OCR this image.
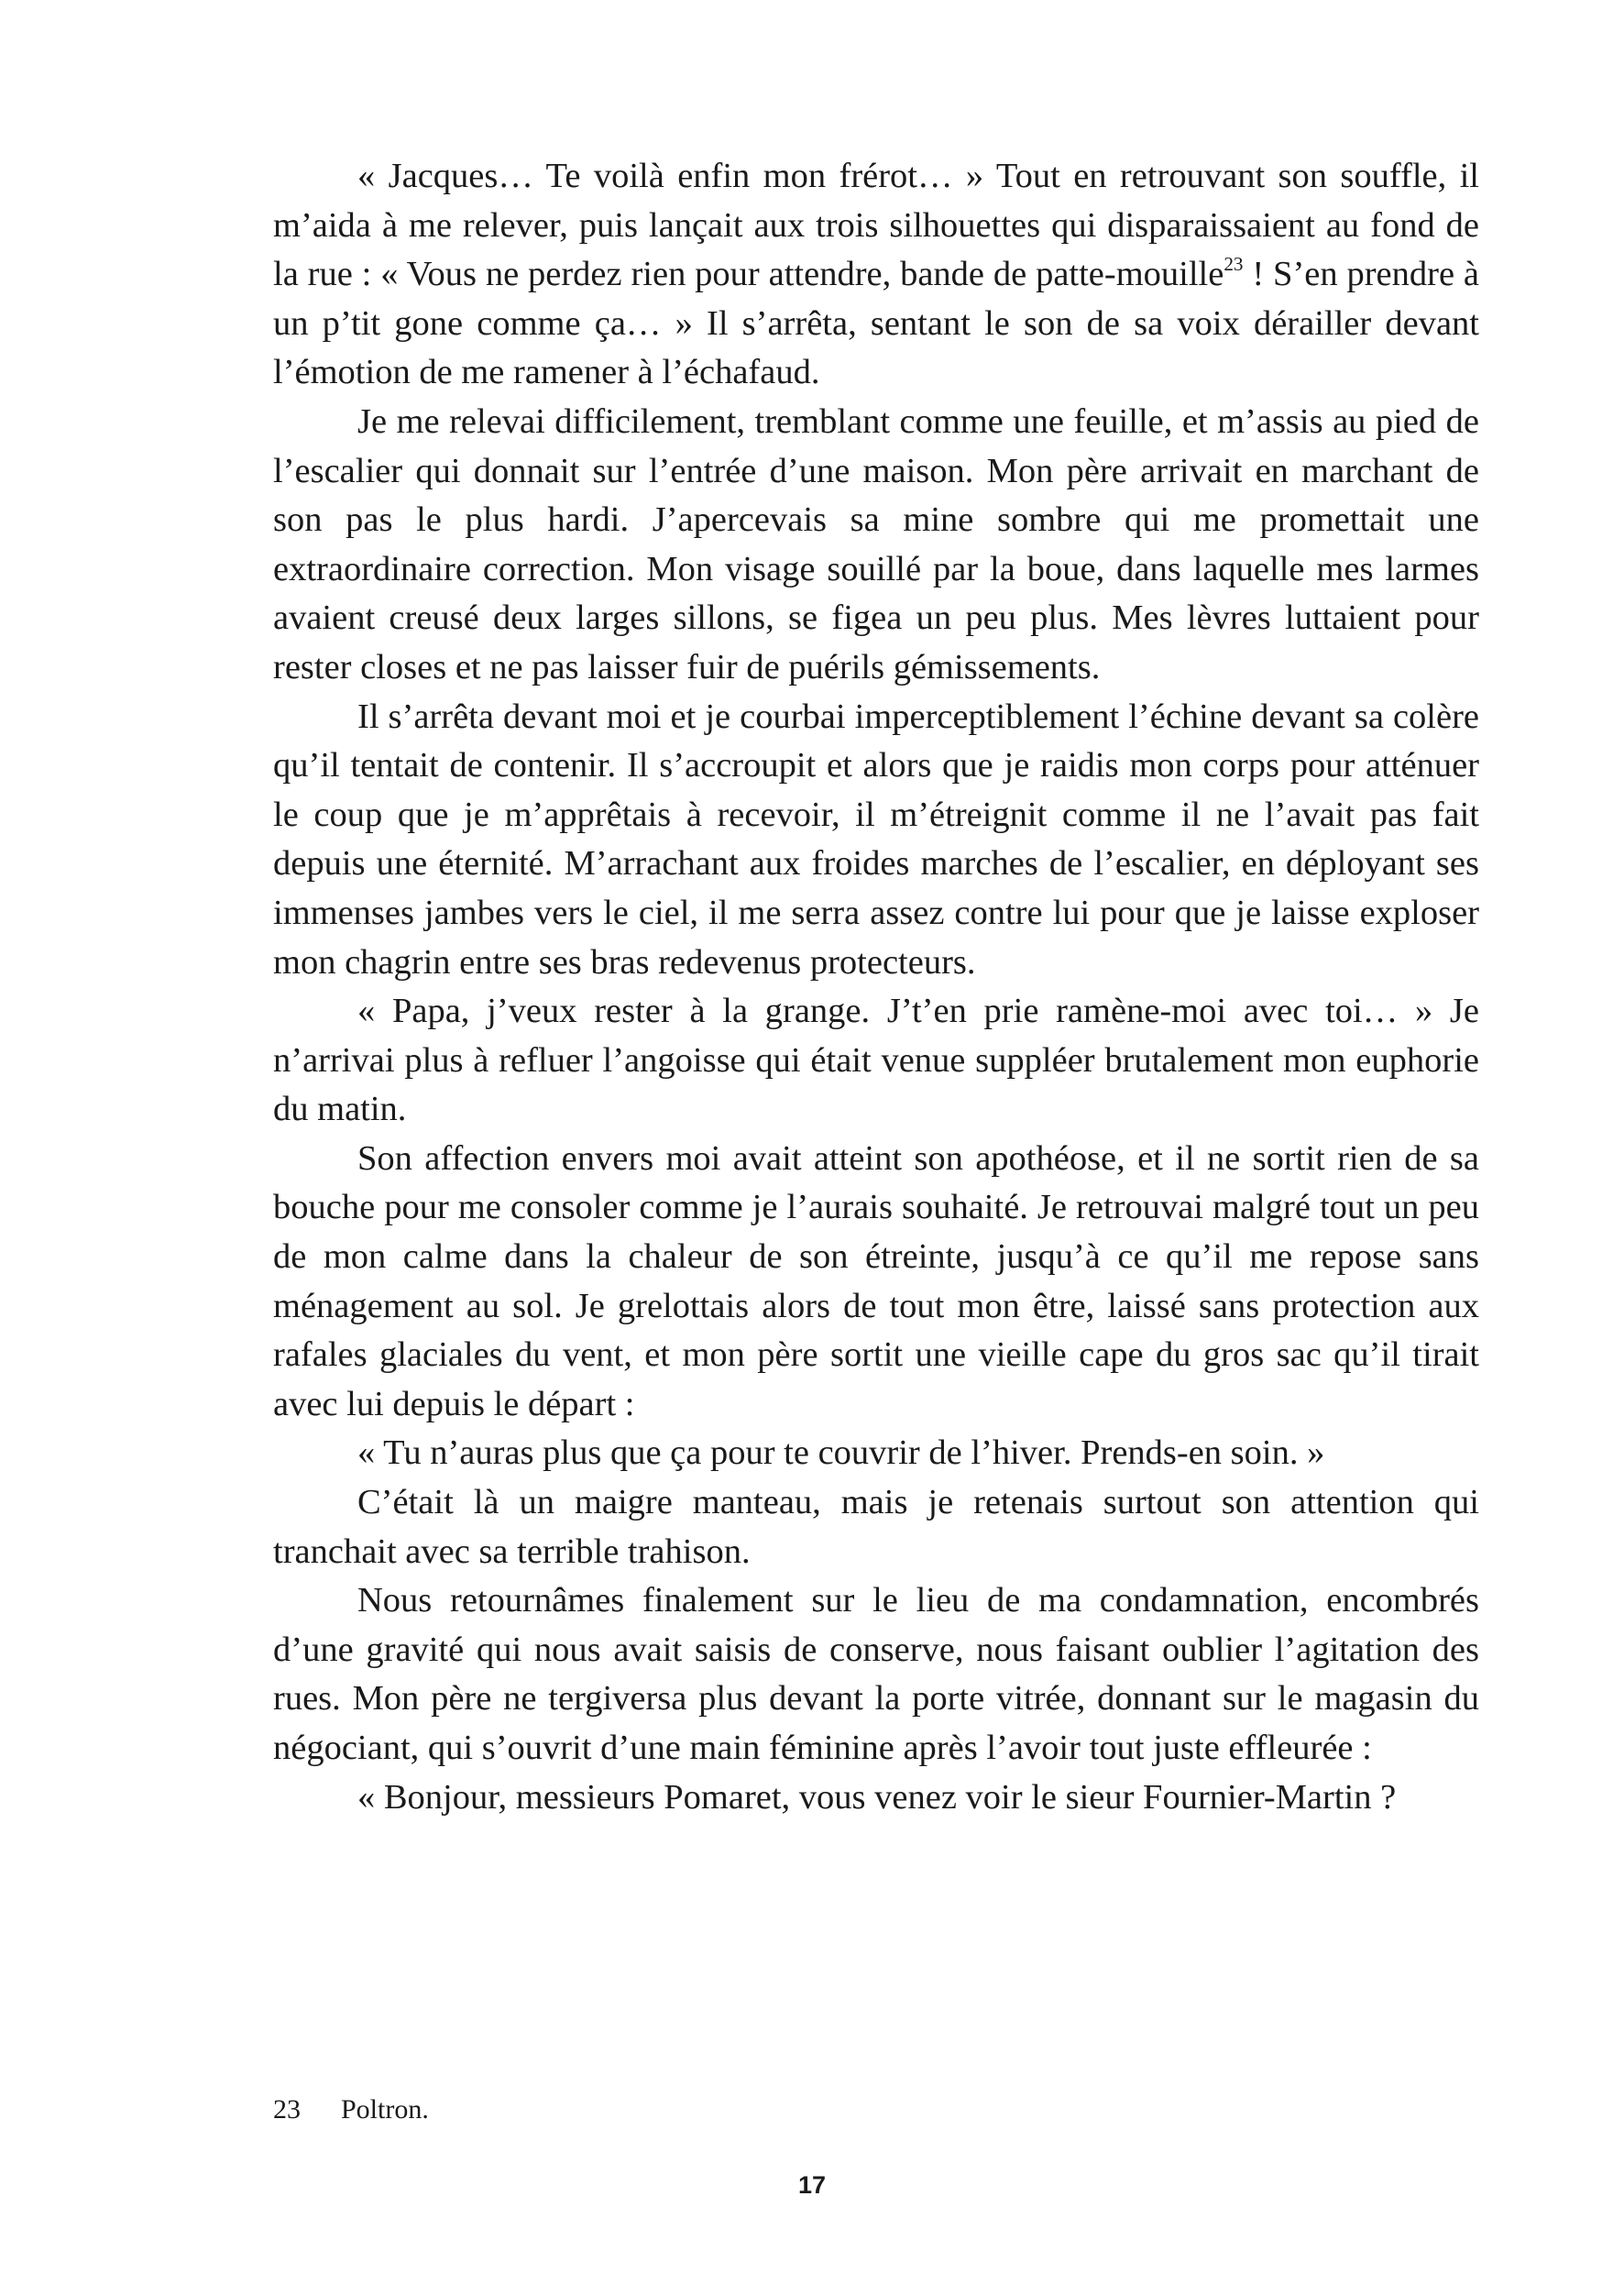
« Jacques… Te voilà enfin mon frérot… » Tout en retrouvant son souffle, il m’aida à me relever, puis lançait aux trois silhouettes qui disparaissaient au fond de la rue : « Vous ne perdez rien pour attendre, bande de patte-mouille$^{23}$ ! S’en prendre à un p’tit gone comme ça… » Il s’arrêta, sentant le son de sa voix dérailler devant l’émotion de me ramener à l’échafaud.

Je me relevai difficilement, tremblant comme une feuille, et m’assis au pied de l’escalier qui donnait sur l’entrée d’une maison. Mon père arrivait en marchant de son pas le plus hardi. J’apercevais sa mine sombre qui me promettait une extraordinaire correction. Mon visage souillé par la boue, dans laquelle mes larmes avaient creusé deux larges sillons, se figea un peu plus. Mes lèvres luttaient pour rester closes et ne pas laisser fuir de puérils gémissements.

Il s’arrêta devant moi et je courbai imperceptiblement l’échine devant sa colère qu’il tentait de contenir. Il s’accroupit et alors que je raidis mon corps pour atténuer le coup que je m’apprêtais à recevoir, il m’étreignit comme il ne l’avait pas fait depuis une éternité. M’arrachant aux froides marches de l’escalier, en déployant ses immenses jambes vers le ciel, il me serra assez contre lui pour que je laisse exploser mon chagrin entre ses bras redevenus protecteurs.

« Papa, j’veux rester à la grange. J’t’en prie ramène-moi avec toi… » Je n’arrivai plus à refluer l’angoisse qui était venue suppléer brutalement mon euphorie du matin.

Son affection envers moi avait atteint son apothéose, et il ne sortit rien de sa bouche pour me consoler comme je l’aurais souhaité. Je retrouvai malgré tout un peu de mon calme dans la chaleur de son étreinte, jusqu’à ce qu’il me repose sans ménagement au sol. Je grelottais alors de tout mon être, laissé sans protection aux rafales glaciales du vent, et mon père sortit une vieille cape du gros sac qu’il tirait avec lui depuis le départ :

« Tu n’auras plus que ça pour te couvrir de l’hiver. Prends-en soin. »

C’était là un maigre manteau, mais je retenais surtout son attention qui tranchait avec sa terrible trahison.

Nous retournâmes finalement sur le lieu de ma condamnation, encombrés d’une gravité qui nous avait saisis de conserve, nous faisant oublier l’agitation des rues. Mon père ne tergiversa plus devant la porte vitrée, donnant sur le magasin du négociant, qui s’ouvrit d’une main féminine après l’avoir tout juste effleurée :

« Bonjour, messieurs Pomaret, vous venez voir le sieur Fournier-Martin ?

23 Poltron.
17
